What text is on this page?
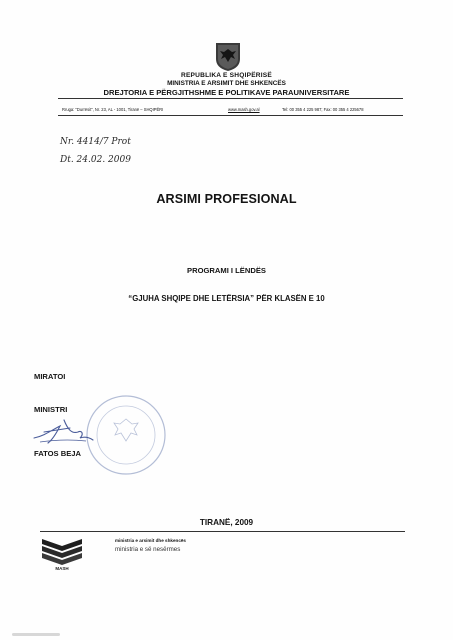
REPUBLIKA E SHQIPËRISË
MINISTRIA E ARSIMIT DHE SHKENCËS
DREJTORIA E PËRGJITHSHME E POLITIKAVE PARAUNIVERSITARE
Rruga: "Durrësit", Nr. 23, AL - 1001, Tiranë – SHQIPËRI	www.mash.gov.al	Tel: 00 355 4 225 987; Fax: 00 355 4 225678
Nr. 4414/7 Prot
Dt. 24.02. 2009
ARSIMI PROFESIONAL
PROGRAMI I LËNDËS
“GJUHA SHQIPE DHE LETËRSIA” PËR KLASËN E 10
MIRATOI
MINISTRI
FATOS BEJA
TIRANË, 2009
MASH
ministria e arsimit dhe shkencës
ministria e së nesërmes
